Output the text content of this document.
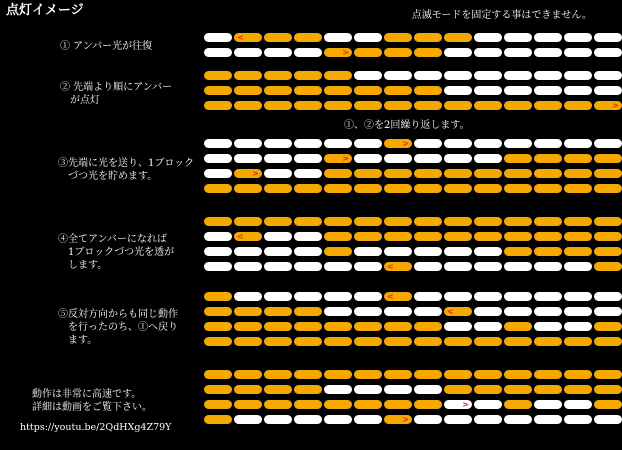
点灯イメージ	点滅モードを固定する事はできません。
①、②を2回繰り返します。
① アンバー光が往復
② 先端より順にアンバー
　が点灯
③先端に光を送り、1ブロック
　づつ光を貯めます。
④全てアンバーになれば
　1ブロックづつ光を透が
　します。
⑤反対方向からも同じ動作
　を行ったのち、①へ戻り
　ます。
動作は非常に高速です。
詳細は動画をご覧下さい。
https://youtu.be/2QdHXg4Z79Y
<
>
>
>
>
>
<
<
<
<
>
>
